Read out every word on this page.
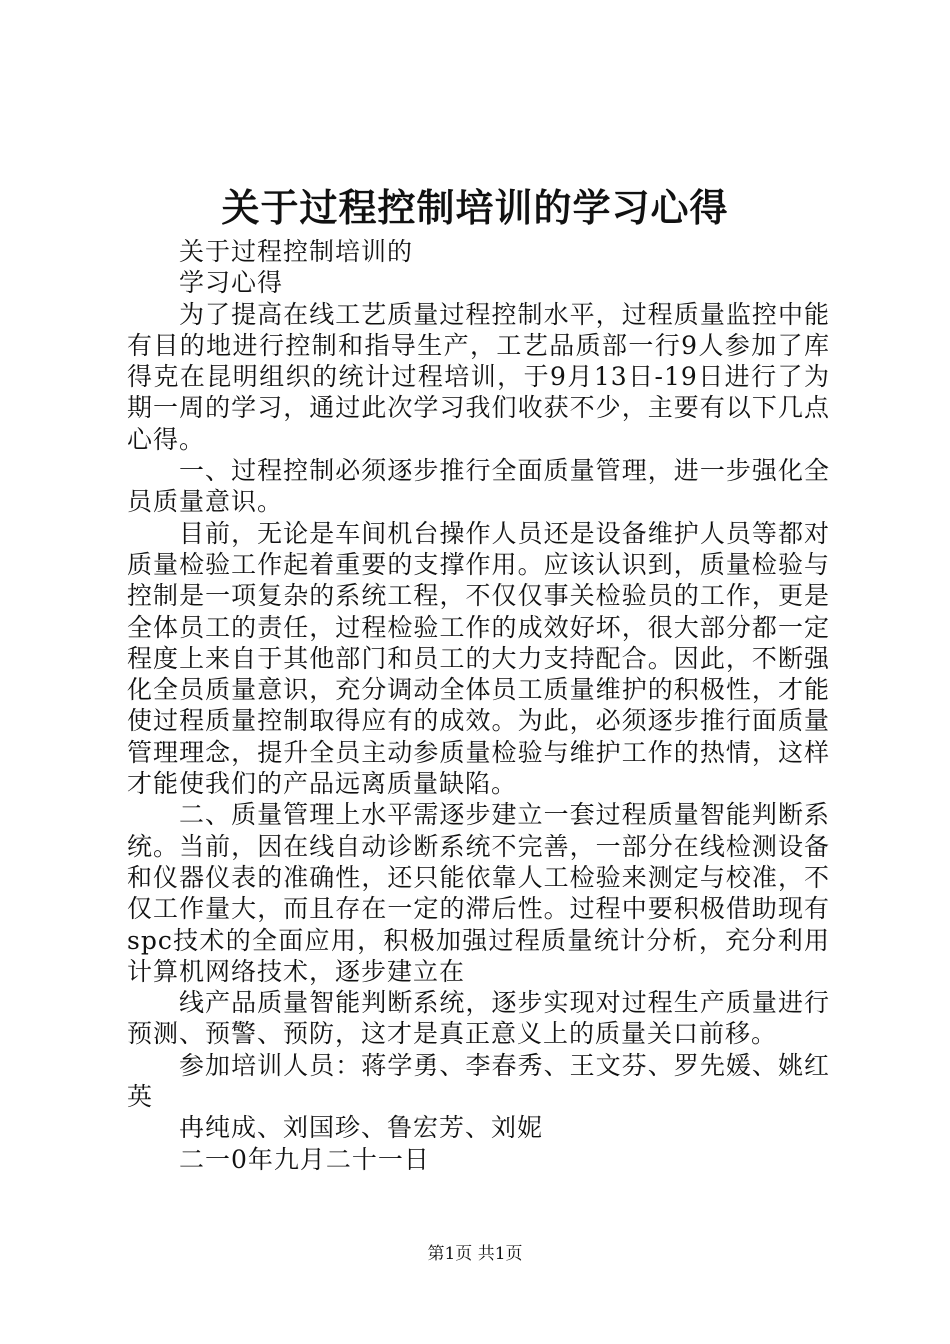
关于过程控制培训的学习心得

关于过程控制培训的

学习心得

为了提高在线工艺质量过程控制水平，过程质量监控中能有目的地进行控制和指导生产，工艺品质部一行9人参加了库得克在昆明组织的统计过程培训，于9月13日-19日进行了为期一周的学习，通过此次学习我们收获不少，主要有以下几点心得。

一、过程控制必须逐步推行全面质量管理，进一步强化全员质量意识。

目前，无论是车间机台操作人员还是设备维护人员等都对质量检验工作起着重要的支撑作用。应该认识到，质量检验与控制是一项复杂的系统工程，不仅仅事关检验员的工作，更是全体员工的责任，过程检验工作的成效好坏，很大部分都一定程度上来自于其他部门和员工的大力支持配合。因此，不断强化全员质量意识，充分调动全体员工质量维护的积极性，才能使过程质量控制取得应有的成效。为此，必须逐步推行面质量管理理念，提升全员主动参质量检验与维护工作的热情，这样才能使我们的产品远离质量缺陷。

二、质量管理上水平需逐步建立一套过程质量智能判断系统。当前，因在线自动诊断系统不完善，一部分在线检测设备和仪器仪表的准确性，还只能依靠人工检验来测定与校准，不仅工作量大，而且存在一定的滞后性。过程中要积极借助现有spc技术的全面应用，积极加强过程质量统计分析，充分利用计算机网络技术，逐步建立在

线产品质量智能判断系统，逐步实现对过程生产质量进行预测、预警、预防，这才是真正意义上的质量关口前移。

参加培训人员：蒋学勇、李春秀、王文芬、罗先媛、姚红英

冉纯成、刘国珍、鲁宏芳、刘妮

二一0年九月二十一日

第1页 共1页
